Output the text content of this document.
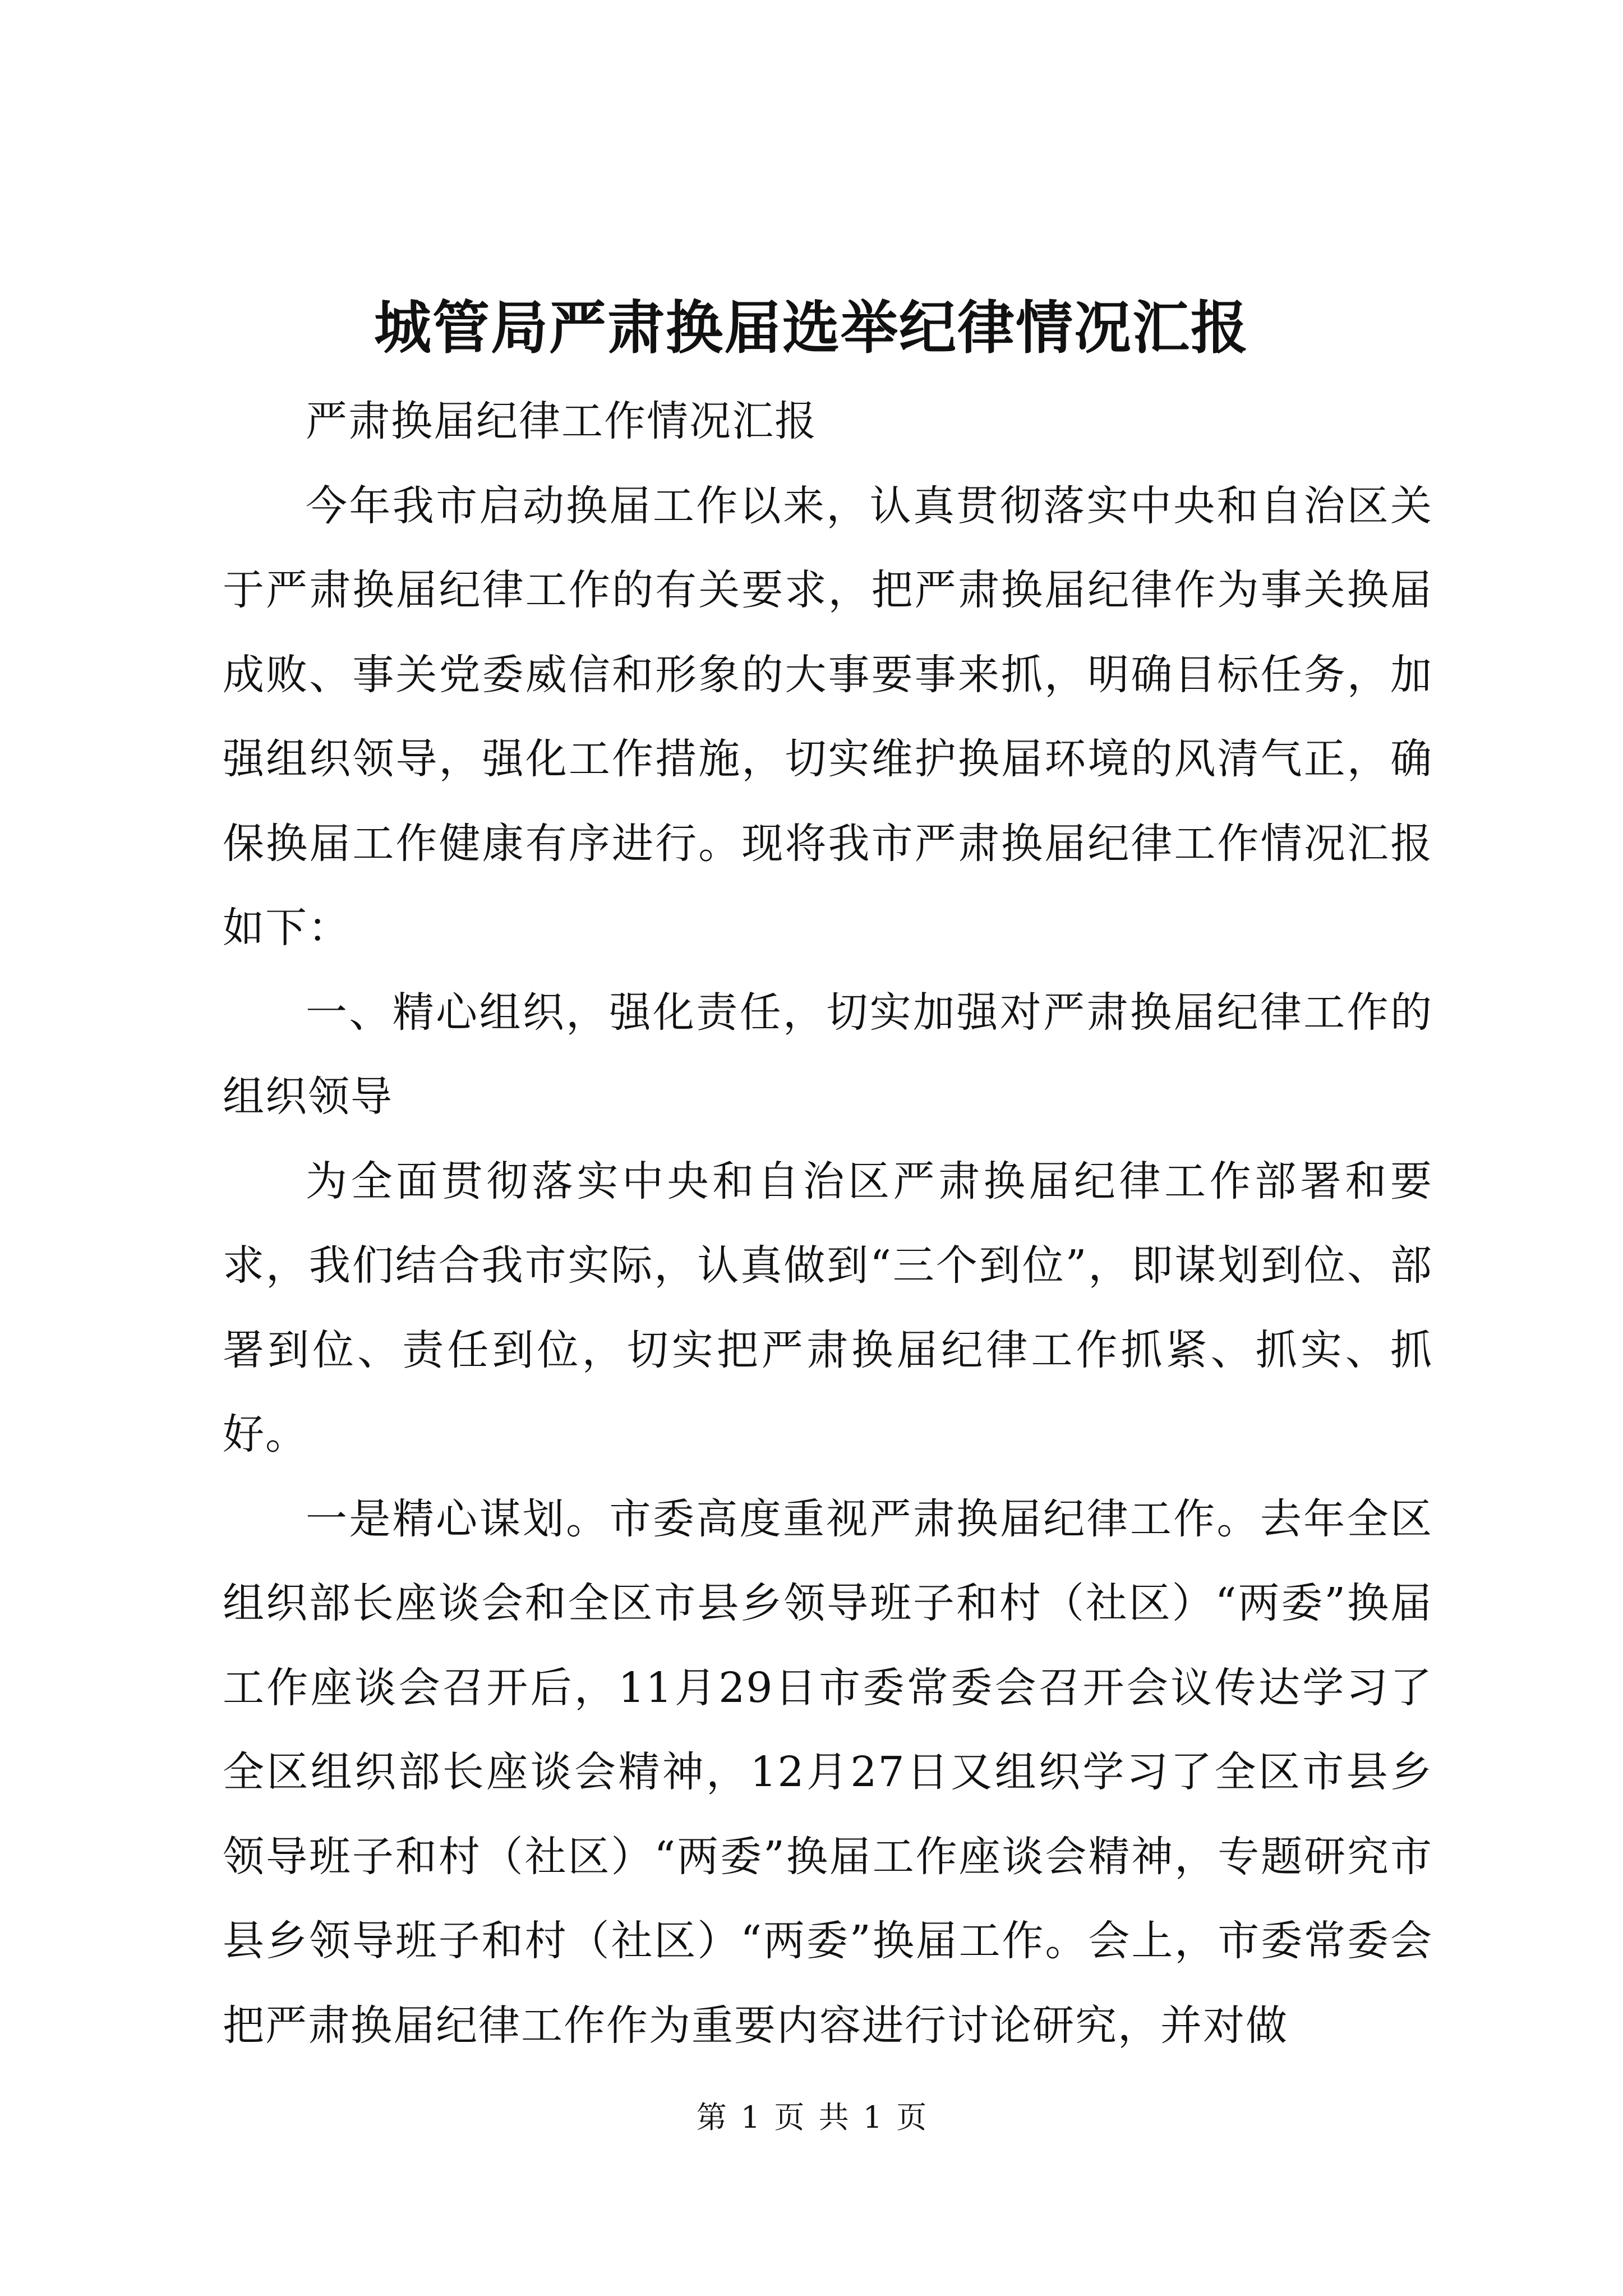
城管局严肃换届选举纪律情况汇报

严肃换届纪律工作情况汇报

今年我市启动换届工作以来，认真贯彻落实中央和自治区关于严肃换届纪律工作的有关要求，把严肃换届纪律作为事关换届成败、事关党委威信和形象的大事要事来抓，明确目标任务，加强组织领导，强化工作措施，切实维护换届环境的风清气正，确保换届工作健康有序进行。现将我市严肃换届纪律工作情况汇报如下：

一、精心组织，强化责任，切实加强对严肃换届纪律工作的组织领导

为全面贯彻落实中央和自治区严肃换届纪律工作部署和要求，我们结合我市实际，认真做到“三个到位”，即谋划到位、部署到位、责任到位，切实把严肃换届纪律工作抓紧、抓实、抓好。

一是精心谋划。市委高度重视严肃换届纪律工作。去年全区组织部长座谈会和全区市县乡领导班子和村（社区）“两委”换届工作座谈会召开后，11月29日市委常委会召开会议传达学习了全区组织部长座谈会精神，12月27日又组织学习了全区市县乡领导班子和村（社区）“两委”换届工作座谈会精神，专题研究市县乡领导班子和村（社区）“两委”换届工作。会上，市委常委会把严肃换届纪律工作作为重要内容进行讨论研究，并对做

第 1 页 共 1 页
